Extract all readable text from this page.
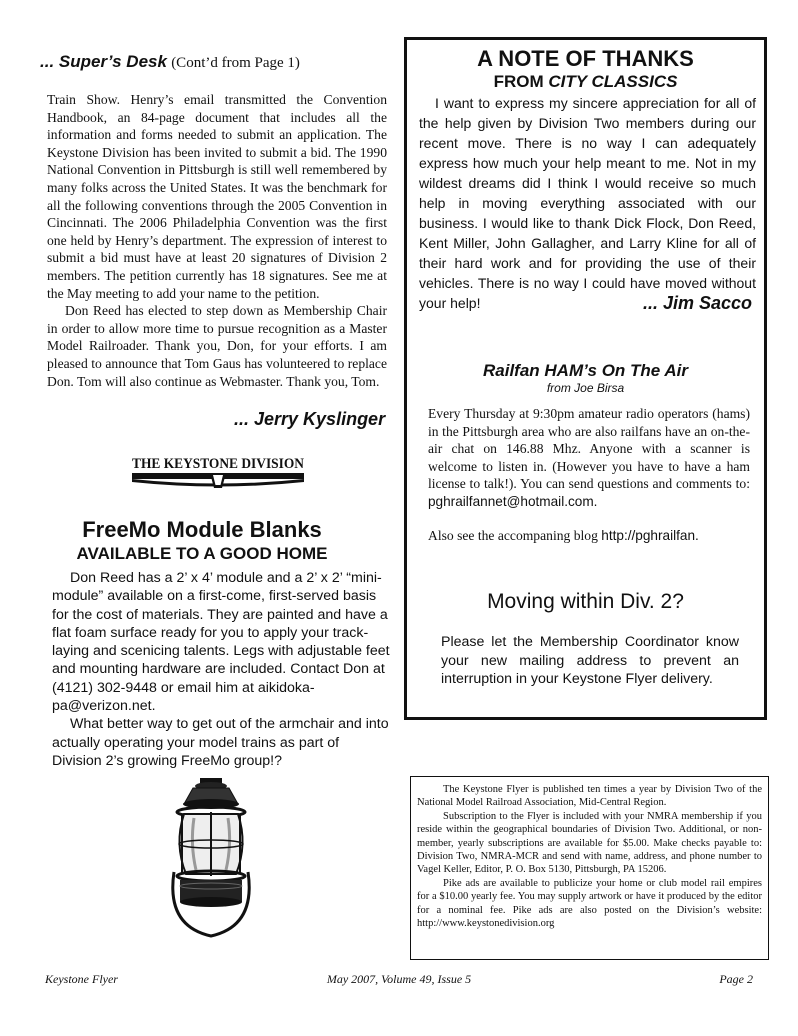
... Super’s Desk (Cont’d from Page 1)

Train Show. Henry’s email transmitted the Convention Handbook, an 84-page document that includes all the information and forms needed to submit an application. The Keystone Division has been invited to submit a bid. The 1990 National Convention in Pittsburgh is still well remembered by many folks across the United States. It was the benchmark for all the following conventions through the 2005 Convention in Cincinnati. The 2006 Philadelphia Convention was the first one held by Henry’s department. The expression of interest to submit a bid must have at least 20 signatures of Division 2 members. The petition currently has 18 signatures. See me at the May meeting to add your name to the petition.

Don Reed has elected to step down as Membership Chair in order to allow more time to pursue recognition as a Master Model Railroader. Thank you, Don, for your efforts. I am pleased to announce that Tom Gaus has volunteered to replace Don. Tom will also continue as Webmaster. Thank you, Tom.

... Jerry Kyslinger
THE KEYSTONE DIVISION
FreeMo Module Blanks
AVAILABLE TO A GOOD HOME

Don Reed has a 2’ x 4’ module and a 2’ x 2’ “mini-module” available on a first-come, first-served basis for the cost of materials. They are painted and have a flat foam surface ready for you to apply your track-laying and scenicing talents. Legs with adjustable feet and mounting hardware are included. Contact Don at (4121) 302-9448 or email him at aikidoka-pa@verizon.net.

What better way to get out of the armchair and into actually operating your model trains as part of Division 2’s growing FreeMo group!?

A NOTE OF THANKS
FROM CITY CLASSICS
I want to express my sincere appreciation for all of the help given by Division Two members during our recent move. There is no way I can adequately express how much your help meant to me. Not in my wildest dreams did I think I would receive so much help in moving everything associated with our business. I would like to thank Dick Flock, Don Reed, Kent Miller, John Gallagher, and Larry Kline for all of their hard work and for providing the use of their vehicles. There is no way I could have moved without your help!	... Jim Sacco
Railfan HAM’s On The Air
from Joe Birsa
Every Thursday at 9:30pm amateur radio operators (hams) in the Pittsburgh area who are also railfans have an on-the-air chat on 146.88 Mhz. Anyone with a scanner is welcome to listen in. (However you have to have a ham license to talk!). You can send questions and comments to: pghrailfannet@hotmail.com.
Also see the accompaning blog http://pghrailfan.
Moving within Div. 2?
Please let the Membership Coordinator know your new mailing address to prevent an interruption in your Keystone Flyer delivery.

The Keystone Flyer is published ten times a year by Division Two of the National Model Railroad Association, Mid-Central Region.

Subscription to the Flyer is included with your NMRA membership if you reside within the geographical boundaries of Division Two. Additional, or non-member, yearly subscriptions are available for $5.00. Make checks payable to: Division Two, NMRA-MCR and send with name, address, and phone number to Vagel Keller, Editor, P. O. Box 5130, Pittsburgh, PA 15206.

Pike ads are available to publicize your home or club model rail empires for a $10.00 yearly fee. You may supply artwork or have it produced by the editor for a nominal fee. Pike ads are also posted on the Division’s website: http://www.keystonedivision.org

Keystone Flyer	May 2007, Volume 49, Issue 5	Page 2
